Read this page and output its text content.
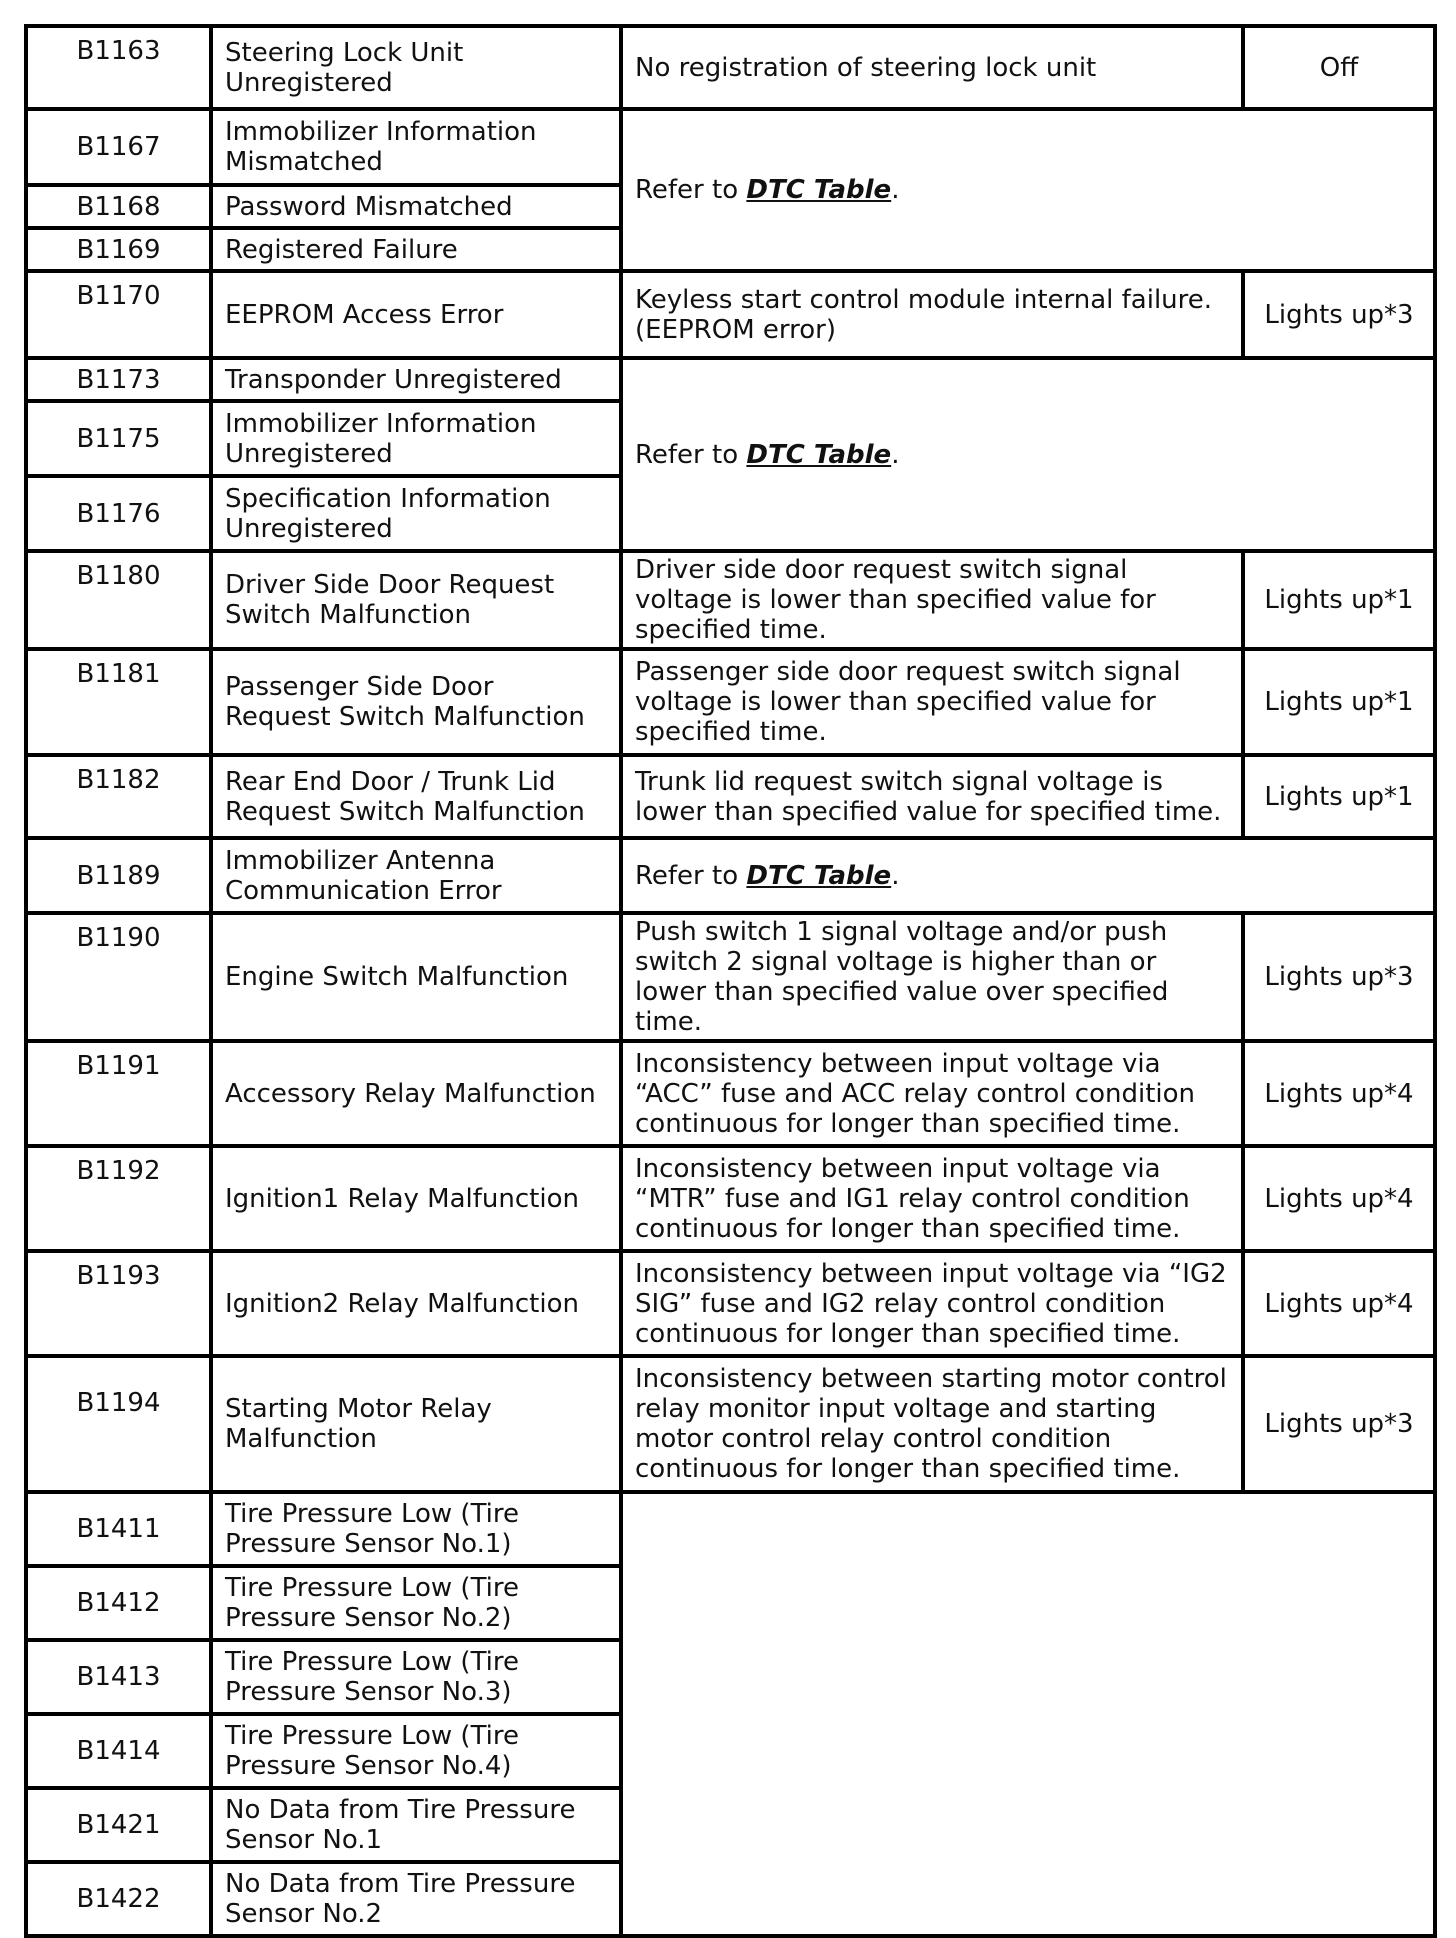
B1163	Steering Lock Unit Unregistered	No registration of steering lock unit	Off
B1167	Immobilizer Information Mismatched	Refer to DTC Table.	
B1168	Password Mismatched		
B1169	Registered Failure		
B1170	EEPROM Access Error	Keyless start control module internal failure. (EEPROM error)	Lights up*3
B1173	Transponder Unregistered	Refer to DTC Table.	
B1175	Immobilizer Information Unregistered		
B1176	Specification Information Unregistered		
B1180	Driver Side Door Request Switch Malfunction	Driver side door request switch signal voltage is lower than specified value for specified time.	Lights up*1
B1181	Passenger Side Door Request Switch Malfunction	Passenger side door request switch signal voltage is lower than specified value for specified time.	Lights up*1
B1182	Rear End Door / Trunk Lid Request Switch Malfunction	Trunk lid request switch signal voltage is lower than specified value for specified time.	Lights up*1
B1189	Immobilizer Antenna Communication Error	Refer to DTC Table.	
B1190	Engine Switch Malfunction	Push switch 1 signal voltage and/or push switch 2 signal voltage is higher than or lower than specified value over specified time.	Lights up*3
B1191	Accessory Relay Malfunction	Inconsistency between input voltage via “ACC” fuse and ACC relay control condition continuous for longer than specified time.	Lights up*4
B1192	Ignition1 Relay Malfunction	Inconsistency between input voltage via “MTR” fuse and IG1 relay control condition continuous for longer than specified time.	Lights up*4
B1193	Ignition2 Relay Malfunction	Inconsistency between input voltage via “IG2 SIG” fuse and IG2 relay control condition continuous for longer than specified time.	Lights up*4
B1194	Starting Motor Relay Malfunction	Inconsistency between starting motor control relay monitor input voltage and starting motor control relay control condition continuous for longer than specified time.	Lights up*3
B1411	Tire Pressure Low (Tire Pressure Sensor No.1)		
B1412	Tire Pressure Low (Tire Pressure Sensor No.2)		
B1413	Tire Pressure Low (Tire Pressure Sensor No.3)		
B1414	Tire Pressure Low (Tire Pressure Sensor No.4)		
B1421	No Data from Tire Pressure Sensor No.1		
B1422	No Data from Tire Pressure Sensor No.2		
